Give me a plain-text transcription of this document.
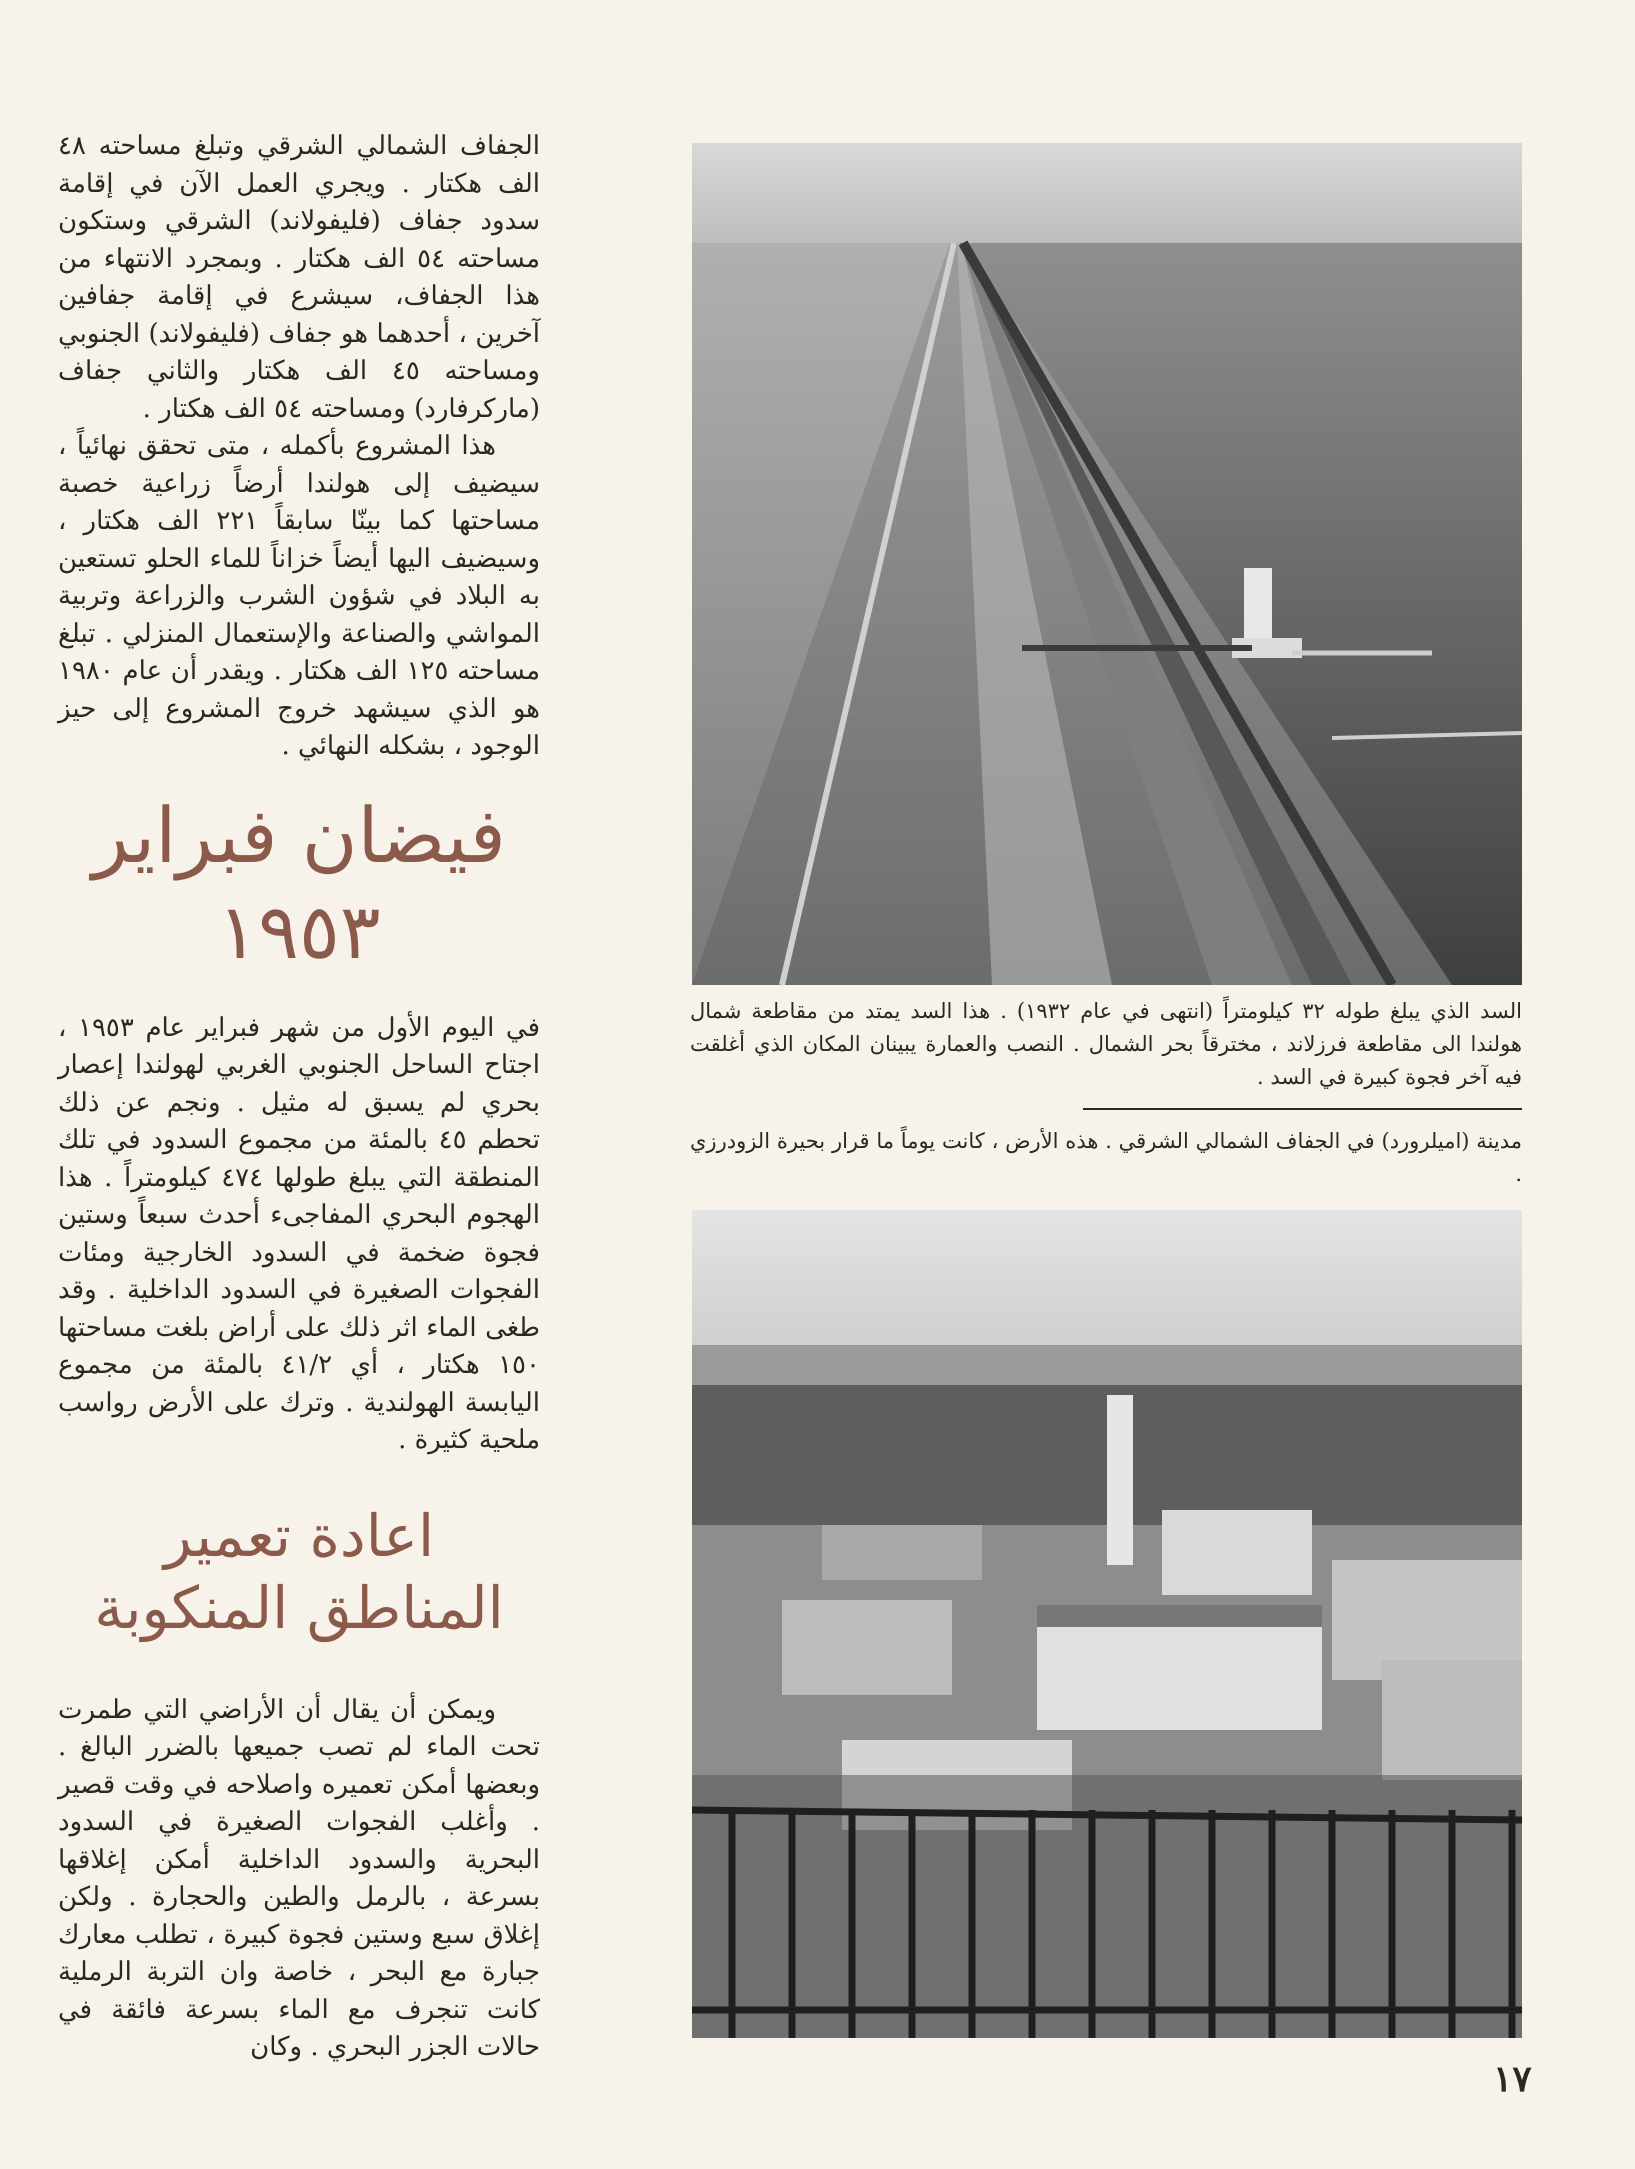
الجفاف الشمالي الشرقي وتبلغ مساحته ٤٨ الف هكتار . ويجري العمل الآن في إقامة سدود جفاف (فليفولاند) الشرقي وستكون مساحته ٥٤ الف هكتار . وبمجرد الانتهاء من هذا الجفاف، سيشرع في إقامة جفافين آخرين ، أحدهما هو جفاف (فليفولاند) الجنوبي ومساحته ٤٥ الف هكتار والثاني جفاف (ماركرفارد) ومساحته ٥٤ الف هكتار .

هذا المشروع بأكمله ، متى تحقق نهائياً ، سيضيف إلى هولندا أرضاً زراعية خصبة مساحتها كما بينّا سابقاً ٢٢١ الف هكتار ، وسيضيف اليها أيضاً خزاناً للماء الحلو تستعين به البلاد في شؤون الشرب والزراعة وتربية المواشي والصناعة والإستعمال المنزلي . تبلغ مساحته ١٢٥ الف هكتار . ويقدر أن عام ١٩٨٠ هو الذي سيشهد خروج المشروع إلى حيز الوجود ، بشكله النهائي .

فيضان فبراير ١٩٥٣

في اليوم الأول من شهر فبراير عام ١٩٥٣ ، اجتاح الساحل الجنوبي الغربي لهولندا إعصار بحري لم يسبق له مثيل . ونجم عن ذلك تحطم ٤٥ بالمئة من مجموع السدود في تلك المنطقة التي يبلغ طولها ٤٧٤ كيلومتراً . هذا الهجوم البحري المفاجىء أحدث سبعاً وستين فجوة ضخمة في السدود الخارجية ومئات الفجوات الصغيرة في السدود الداخلية . وقد طغى الماء اثر ذلك على أراض بلغت مساحتها ١٥٠ هكتار ، أي ٤١/٢ بالمئة من مجموع اليابسة الهولندية . وترك على الأرض رواسب ملحية كثيرة .

اعادة تعمير
المناطق المنكوبة

ويمكن أن يقال أن الأراضي التي طمرت تحت الماء لم تصب جميعها بالضرر البالغ . وبعضها أمكن تعميره واصلاحه في وقت قصير . وأغلب الفجوات الصغيرة في السدود البحرية والسدود الداخلية أمكن إغلاقها بسرعة ، بالرمل والطين والحجارة . ولكن إغلاق سبع وستين فجوة كبيرة ، تطلب معارك جبارة مع البحر ، خاصة وان التربة الرملية كانت تنجرف مع الماء بسرعة فائقة في حالات الجزر البحري . وكان

السد الذي يبلغ طوله ٣٢ كيلومتراً (انتهى في عام ١٩٣٢) . هذا السد يمتد من مقاطعة شمال هولندا الى مقاطعة فرزلاند ، مخترقاً بحر الشمال . النصب والعمارة يبينان المكان الذي أغلقت فيه آخر فجوة كبيرة في السد .

مدينة (اميلرورد) في الجفاف الشمالي الشرقي . هذه الأرض ، كانت يوماً ما قرار بحيرة الزودرزي .

١٧
